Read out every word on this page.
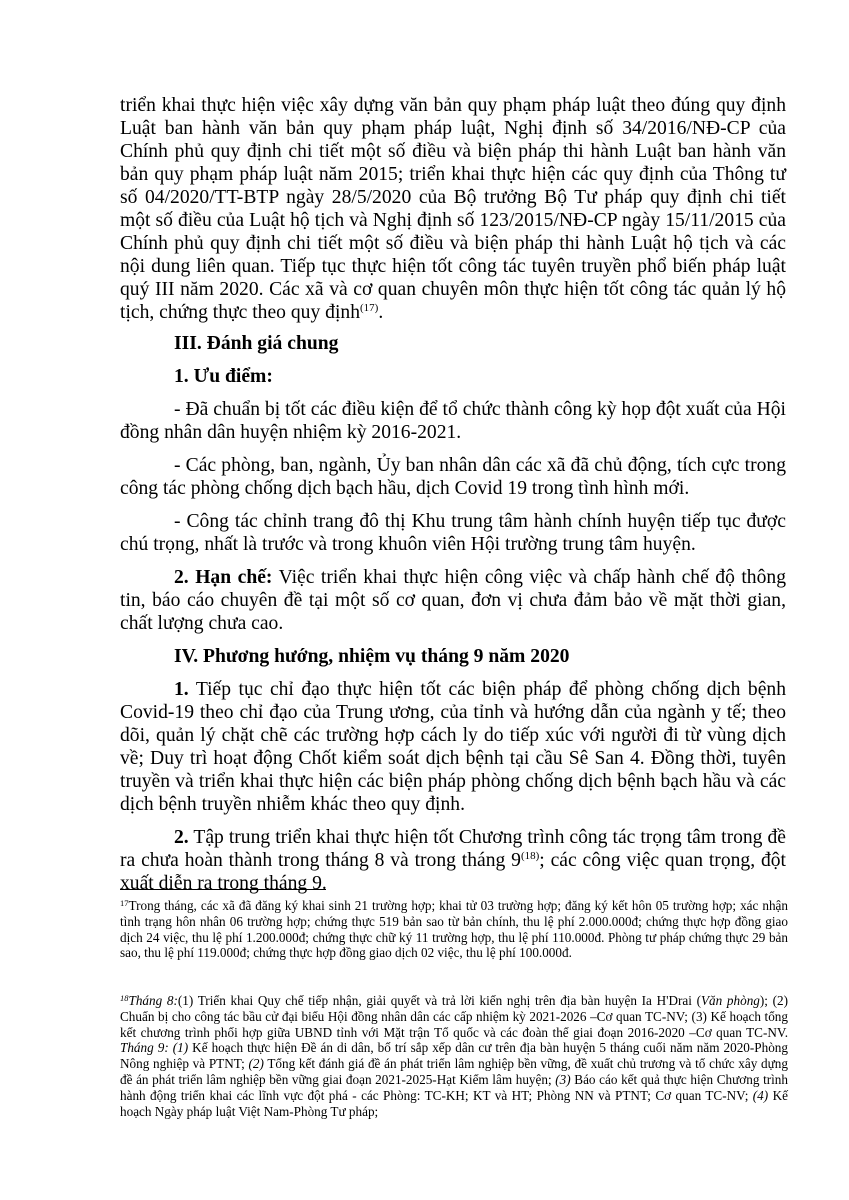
triển khai thực hiện việc xây dựng văn bản quy phạm pháp luật theo đúng quy định Luật ban hành văn bản quy phạm pháp luật, Nghị định số 34/2016/NĐ-CP của Chính phủ quy định chi tiết một số điều và biện pháp thi hành Luật ban hành văn bản quy phạm pháp luật năm 2015; triển khai thực hiện các quy định của Thông tư số 04/2020/TT-BTP ngày 28/5/2020 của Bộ trưởng Bộ Tư pháp quy định chi tiết một số điều của Luật hộ tịch và Nghị định số 123/2015/NĐ-CP ngày 15/11/2015 của Chính phủ quy định chi tiết một số điều và biện pháp thi hành Luật hộ tịch và các nội dung liên quan. Tiếp tục thực hiện tốt công tác tuyên truyền phổ biến pháp luật quý III năm 2020. Các xã và cơ quan chuyên môn thực hiện tốt công tác quản lý hộ tịch, chứng thực theo quy định$^{(17)}$.

III. Đánh giá chung

1. Ưu điểm:

- Đã chuẩn bị tốt các điều kiện để tổ chức thành công kỳ họp đột xuất của Hội đồng nhân dân huyện nhiệm kỳ 2016-2021.

- Các phòng, ban, ngành, Ủy ban nhân dân các xã đã chủ động, tích cực trong công tác phòng chống dịch bạch hầu, dịch Covid 19 trong tình hình mới.

- Công tác chỉnh trang đô thị Khu trung tâm hành chính huyện tiếp tục được chú trọng, nhất là trước và trong khuôn viên Hội trường trung tâm huyện.

2. Hạn chế: Việc triển khai thực hiện công việc và chấp hành chế độ thông tin, báo cáo chuyên đề tại một số cơ quan, đơn vị chưa đảm bảo về mặt thời gian, chất lượng chưa cao.

IV. Phương hướng, nhiệm vụ tháng 9 năm 2020

1. Tiếp tục chỉ đạo thực hiện tốt các biện pháp để phòng chống dịch bệnh Covid-19 theo chỉ đạo của Trung ương, của tỉnh và hướng dẫn của ngành y tế; theo dõi, quản lý chặt chẽ các trường hợp cách ly do tiếp xúc với người đi từ vùng dịch về; Duy trì hoạt động Chốt kiểm soát dịch bệnh tại cầu Sê San 4. Đồng thời, tuyên truyền và triển khai thực hiện các biện pháp phòng chống dịch bệnh bạch hầu và các dịch bệnh truyền nhiễm khác theo quy định.

2. Tập trung triển khai thực hiện tốt Chương trình công tác trọng tâm trong đề ra chưa hoàn thành trong tháng 8 và trong tháng 9$^{(18)}$; các công việc quan trọng, đột xuất diễn ra trong tháng 9.

$^{17}$Trong tháng, các xã đã đăng ký khai sinh 21 trường hợp; khai tử 03 trường hợp; đăng ký kết hôn 05 trường hợp; xác nhận tình trạng hôn nhân 06 trường hợp; chứng thực 519 bản sao từ bản chính, thu lệ phí 2.000.000đ; chứng thực hợp đồng giao dịch 24 việc, thu lệ phí 1.200.000đ; chứng thực chữ ký 11 trường hợp, thu lệ phí 110.000đ. Phòng tư pháp chứng thực 29 bản sao, thu lệ phí 119.000đ; chứng thực hợp đồng giao dịch 02 việc, thu lệ phí 100.000đ.
$^{18}$Tháng 8:(1) Triển khai Quy chế tiếp nhận, giải quyết và trả lời kiến nghị trên địa bàn huyện Ia H'Drai (Văn phòng); (2) Chuẩn bị cho công tác bầu cử đại biểu Hội đồng nhân dân các cấp nhiệm kỳ 2021-2026 –Cơ quan TC-NV; (3) Kế hoạch tổng kết chương trình phối hợp giữa UBND tỉnh với Mặt trận Tổ quốc và các đoàn thể giai đoạn 2016-2020 –Cơ quan TC-NV. Tháng 9: (1) Kế hoạch thực hiện Đề án di dân, bố trí sắp xếp dân cư trên địa bàn huyện 5 tháng cuối năm năm 2020-Phòng Nông nghiệp và PTNT; (2) Tổng kết đánh giá đề án phát triển lâm nghiệp bền vững, đề xuất chủ trương và tổ chức xây dựng đề án phát triển lâm nghiệp bền vững giai đoạn 2021-2025-Hạt Kiểm lâm huyện; (3) Báo cáo kết quả thực hiện Chương trình hành động triển khai các lĩnh vực đột phá - các Phòng: TC-KH; KT và HT; Phòng NN và PTNT; Cơ quan TC-NV; (4) Kế hoạch Ngày pháp luật Việt Nam-Phòng Tư pháp;
